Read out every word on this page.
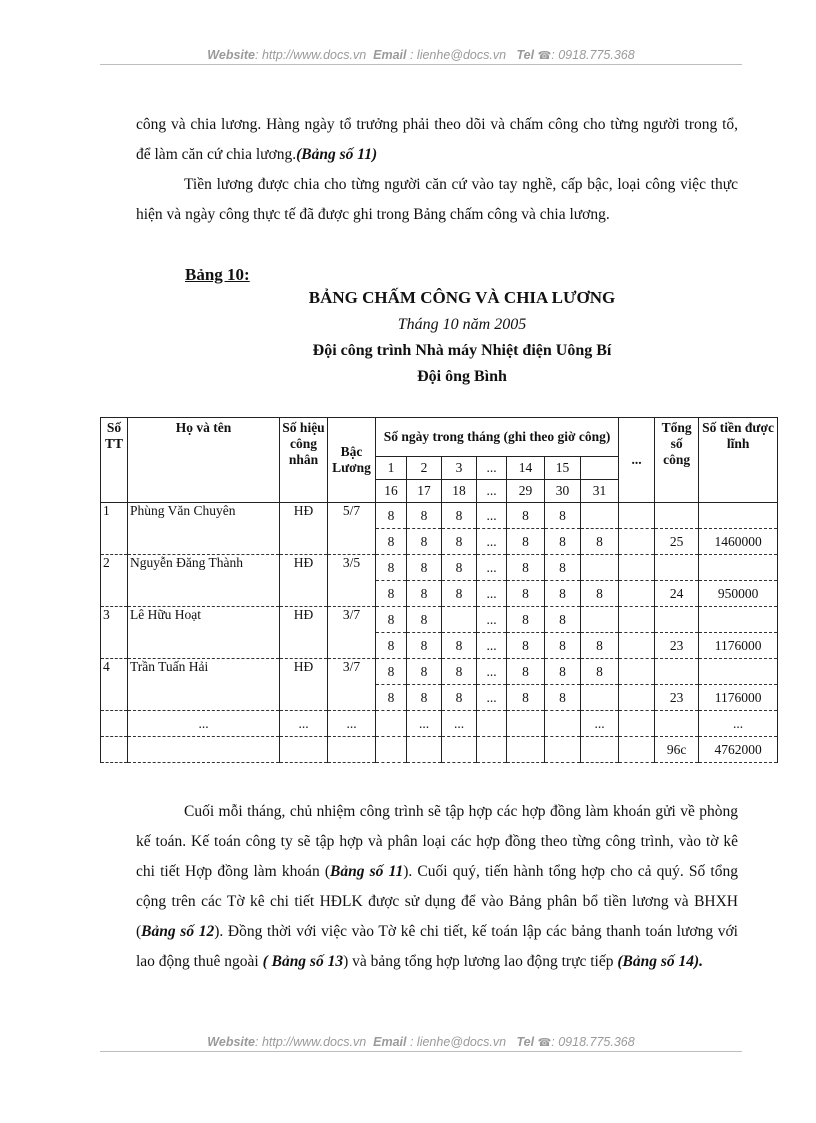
Website: http://www.docs.vn Email : lienhe@docs.vn Tel ☎: 0918.775.368

công và chia lương. Hàng ngày tổ trưởng phải theo dõi và chấm công cho từng người trong tổ, để làm căn cứ chia lương.(Bảng số 11)

Tiền lương được chia cho từng người căn cứ vào tay nghề, cấp bậc, loại công việc thực hiện và ngày công thực tế đã được ghi trong Bảng chấm công và chia lương.

Bảng 10:
BẢNG CHẤM CÔNG VÀ CHIA LƯƠNG
Tháng 10 năm 2005
Đội công trình Nhà máy Nhiệt điện Uông Bí
Đội ông Bình
Số TT	Họ và tên	Số hiệu công nhân	Bậc Lương	Số ngày trong tháng (ghi theo giờ công)							...	Tổng số công	Số tiền được lĩnh
				1	2	3	...	14	15				
				16	17	18	...	29	30	31			
1	Phùng Văn Chuyên	HĐ	5/7	8	8	8	...	8	8				
				8	8	8	...	8	8	8		25	1460000
2	Nguyễn Đăng Thành	HĐ	3/5	8	8	8	...	8	8				
				8	8	8	...	8	8	8		24	950000
3	Lê Hữu Hoạt	HĐ	3/7	8	8		...	8	8				
				8	8	8	...	8	8	8		23	1176000
4	Trần Tuấn Hải	HĐ	3/7	8	8	8	...	8	8	8			
				8	8	8	...	8	8			23	1176000
	...	...	...		...	...				...			...
												96c	4762000

Cuối mỗi tháng, chủ nhiệm công trình sẽ tập hợp các hợp đồng làm khoán gửi về phòng kế toán. Kế toán công ty sẽ tập hợp và phân loại các hợp đồng theo từng công trình, vào tờ kê chi tiết Hợp đồng làm khoán (Bảng số 11). Cuối quý, tiến hành tổng hợp cho cả quý. Số tổng cộng trên các Tờ kê chi tiết HĐLK được sử dụng để vào Bảng phân bổ tiền lương và BHXH (Bảng số 12). Đồng thời với việc vào Tờ kê chi tiết, kế toán lập các bảng thanh toán lương với lao động thuê ngoài ( Bảng số 13) và bảng tổng hợp lương lao động trực tiếp (Bảng số 14).

Website: http://www.docs.vn Email : lienhe@docs.vn Tel ☎: 0918.775.368
